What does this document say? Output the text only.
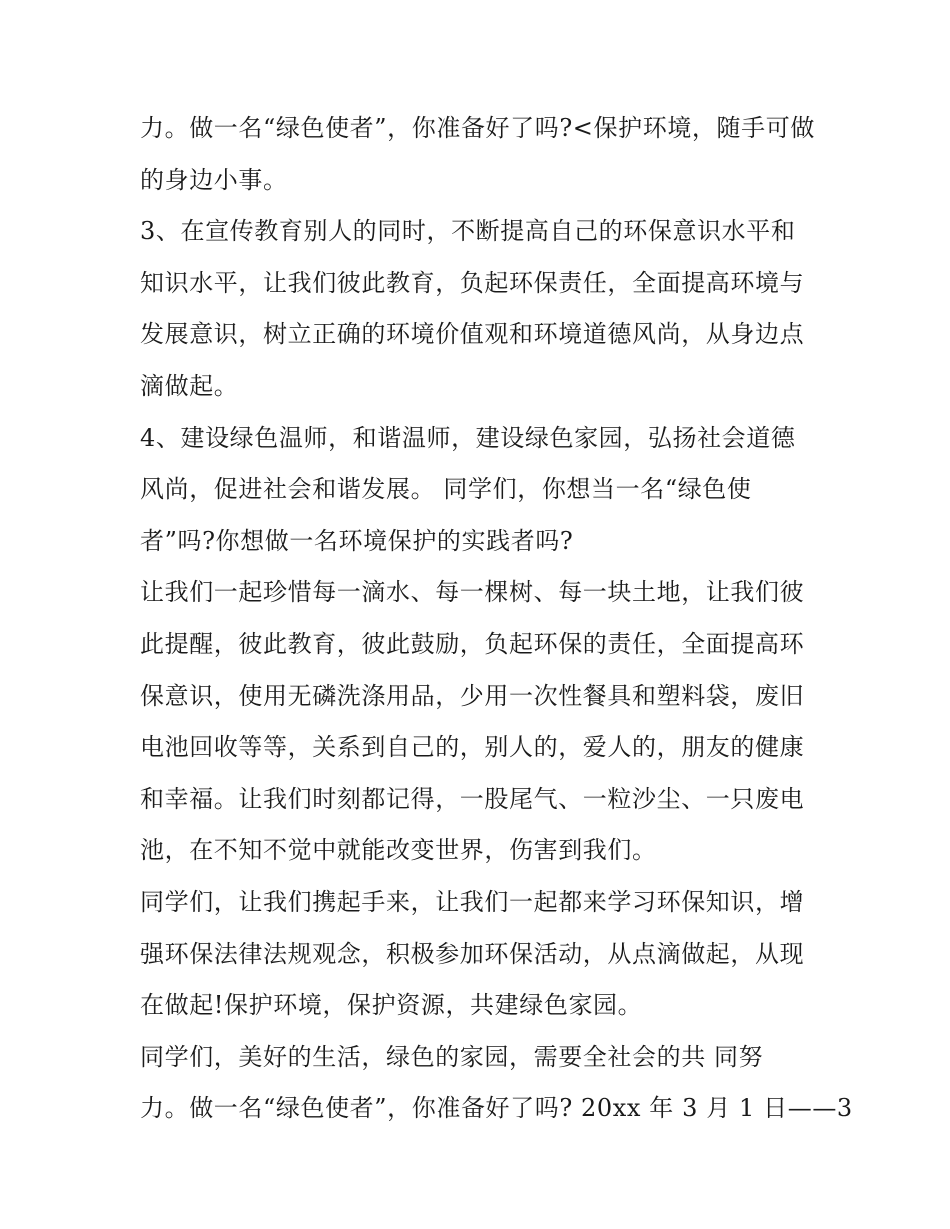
力。做一名“绿色使者”，你准备好了吗?<保护环境，随手可做
的身边小事。
3、在宣传教育别人的同时，不断提高自己的环保意识水平和
知识水平，让我们彼此教育，负起环保责任，全面提高环境与
发展意识，树立正确的环境价值观和环境道德风尚，从身边点
滴做起。
4、建设绿色温师，和谐温师，建设绿色家园，弘扬社会道德
风尚，促进社会和谐发展。 同学们，你想当一名“绿色使
者”吗?你想做一名环境保护的实践者吗?
让我们一起珍惜每一滴水、每一棵树、每一块土地，让我们彼
此提醒，彼此教育，彼此鼓励，负起环保的责任，全面提高环
保意识，使用无磷洗涤用品，少用一次性餐具和塑料袋，废旧
电池回收等等，关系到自己的，别人的，爱人的，朋友的健康
和幸福。让我们时刻都记得，一股尾气、一粒沙尘、一只废电
池，在不知不觉中就能改变世界，伤害到我们。
同学们，让我们携起手来，让我们一起都来学习环保知识，增
强环保法律法规观念，积极参加环保活动，从点滴做起，从现
在做起!保护环境，保护资源，共建绿色家园。
同学们，美好的生活，绿色的家园，需要全社会的共 同努
力。做一名“绿色使者”，你准备好了吗? 20xx 年 3 月 1 日——3
